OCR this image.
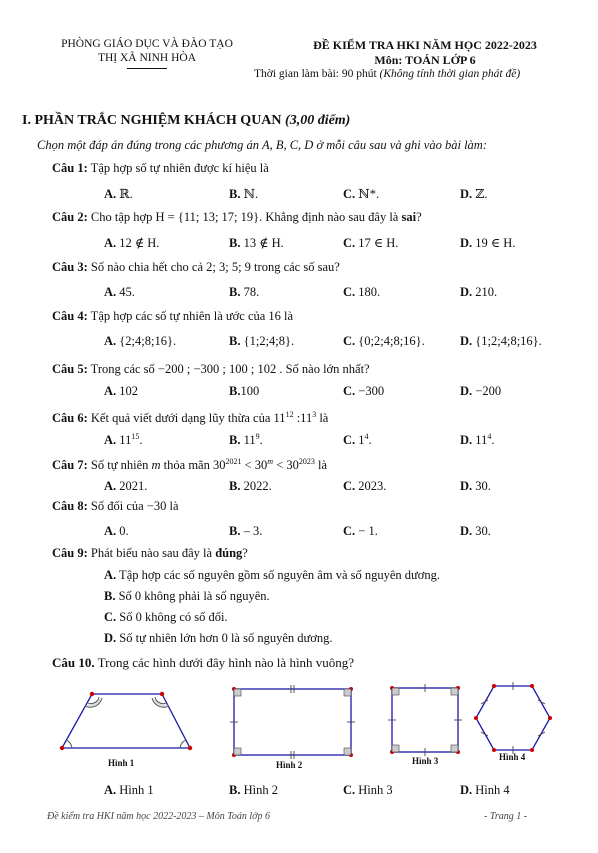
PHÒNG GIÁO DỤC VÀ ĐÀO TẠO
THỊ XÃ NINH HÒA
ĐỀ KIỂM TRA HKI NĂM HỌC 2022-2023
Môn: TOÁN LỚP 6
Thời gian làm bài: 90 phút (Không tính thời gian phát đề)
I. PHẦN TRẮC NGHIỆM KHÁCH QUAN (3,00 điểm)
Chọn một đáp án đúng trong các phương án A, B, C, D ở mỗi câu sau và ghi vào bài làm:
Câu 1: Tập hợp số tự nhiên được kí hiệu là
A. ℝ.	B. ℕ.	C. ℕ*.	D. ℤ.
Câu 2: Cho tập hợp H = {11; 13; 17; 19}. Khẳng định nào sau đây là sai?
A. 12 ∉ H.	B. 13 ∉ H.	C. 17 ∈ H.	D. 19 ∈ H.
Câu 3: Số nào chia hết cho cả 2; 3; 5; 9 trong các số sau?
A. 45.	B. 78.	C. 180.	D. 210.
Câu 4: Tập hợp các số tự nhiên là ước của 16 là
A. {2;4;8;16}.	B. {1;2;4;8}.	C. {0;2;4;8;16}.	D. {1;2;4;8;16}.
Câu 5: Trong các số −200 ; −300 ; 100 ; 102 . Số nào lớn nhất?
A. 102	B.100	C. −300	D. −200
Câu 6: Kết quả viết dưới dạng lũy thừa của $11^{12}$ $:11^3$ là
A. $11^{15}$.	B. $11^9$.	C. $1^4$.	D. $11^4$.
Câu 7: Số tự nhiên m thỏa mãn $30^{2021} < 30^m < 30^{2023}$ là
A. 2021.	B. 2022.	C. 2023.	D. 30.
Câu 8: Số đối của −30 là
A. 0.	B. – 3.	C. − 1.	D. 30.
Câu 9: Phát biểu nào sau đây là đúng?
A. Tập hợp các số nguyên gồm số nguyên âm và số nguyên dương.
B. Số 0 không phải là số nguyên.
C. Số 0 không có số đối.
D. Số tự nhiên lớn hơn 0 là số nguyên dương.
Câu 10. Trong các hình dưới đây hình nào là hình vuông?
Hình 1	Hình 2	Hình 3	Hình 4
A. Hình 1	B. Hình 2	C. Hình 3	D. Hình 4
Đề kiểm tra HKI năm học 2022-2023 – Môn Toán lớp 6	- Trang 1 -
